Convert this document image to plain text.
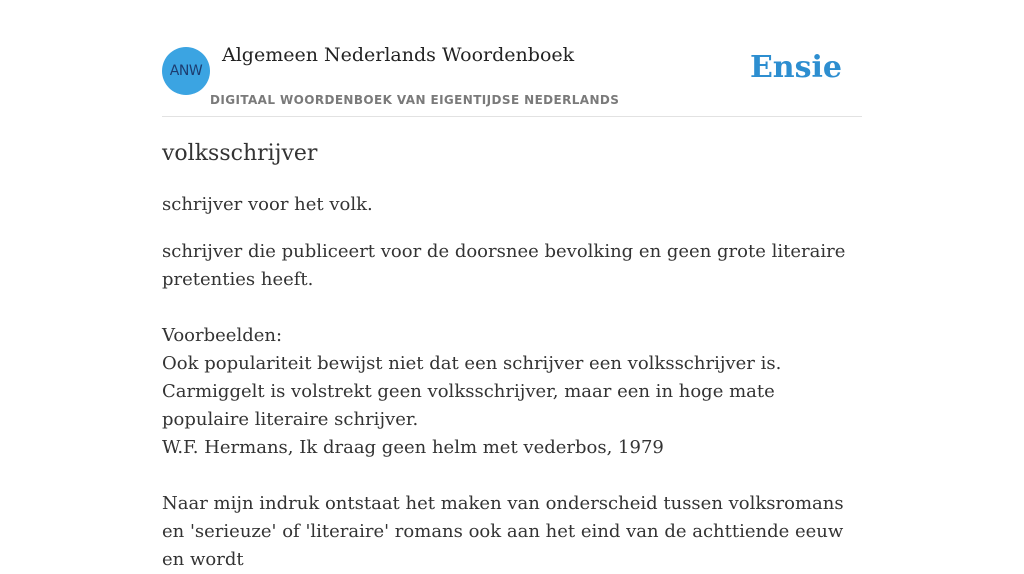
ANW
Algemeen Nederlands Woordenboek
DIGITAAL WOORDENBOEK VAN EIGENTIJDSE NEDERLANDS
Ensie
volksschrijver

schrijver voor het volk.

schrijver die publiceert voor de doorsnee bevolking en geen grote literaire pretenties heeft.

Voorbeelden:

Ook populariteit bewijst niet dat een schrijver een volksschrijver is. Carmiggelt is volstrekt geen volksschrijver, maar een in hoge mate populaire literaire schrijver.
W.F. Hermans, Ik draag geen helm met vederbos, 1979
Naar mijn indruk ontstaat het maken van onderscheid tussen volksromans en 'serieuze' of 'literaire' romans ook aan het eind van de achttiende eeuw en wordt
